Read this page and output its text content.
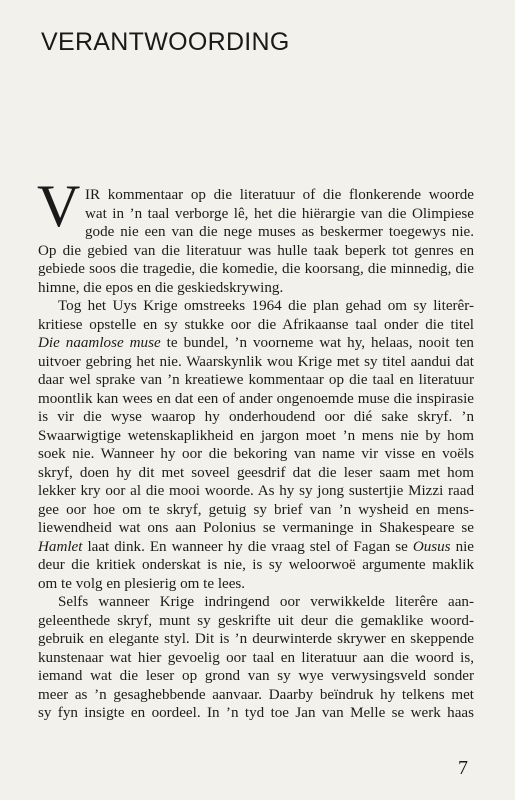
VERANTWOORDING
V IR kommentaar op die literatuur of die flonkerende woorde
wat in ’n taal verborge lê, het die hiërargie van die Olimpiese
gode nie een van die nege muses as beskermer toegewys nie.
Op die gebied van die literatuur was hulle taak beperk tot genres en
gebiede soos die tragedie, die komedie, die koorsang, die minnedig, die
himne, die epos en die geskiedskrywing.
Tog het Uys Krige omstreeks 1964 die plan gehad om sy literêr-
kritiese opstelle en sy stukke oor die Afrikaanse taal onder die titel
Die naamlose muse te bundel, ’n voorneme wat hy, helaas, nooit ten
uitvoer gebring het nie. Waarskynlik wou Krige met sy titel aandui dat
daar wel sprake van ’n kreatiewe kommentaar op die taal en literatuur
moontlik kan wees en dat een of ander ongenoemde muse die inspirasie
is vir die wyse waarop hy onderhoudend oor dié sake skryf. ’n
Swaarwigtige wetenskaplikheid en jargon moet ’n mens nie by hom
soek nie. Wanneer hy oor die bekoring van name vir visse en voëls
skryf, doen hy dit met soveel geesdrif dat die leser saam met hom
lekker kry oor al die mooi woorde. As hy sy jong sustertjie Mizzi raad
gee oor hoe om te skryf, getuig sy brief van ’n wysheid en mens-
liewendheid wat ons aan Polonius se vermaninge in Shakespeare se
Hamlet laat dink. En wanneer hy die vraag stel of Fagan se Ousus nie
deur die kritiek onderskat is nie, is sy weloorwoë argumente maklik
om te volg en plesierig om te lees.
Selfs wanneer Krige indringend oor verwikkelde literêre aan-
geleenthede skryf, munt sy geskrifte uit deur die gemaklike woord-
gebruik en elegante styl. Dit is ’n deurwinterde skrywer en skeppende
kunstenaar wat hier gevoelig oor taal en literatuur aan die woord is,
iemand wat die leser op grond van sy wye verwysingsveld sonder
meer as ’n gesaghebbende aanvaar. Daarby beïndruk hy telkens met
sy fyn insigte en oordeel. In ’n tyd toe Jan van Melle se werk haas
7
